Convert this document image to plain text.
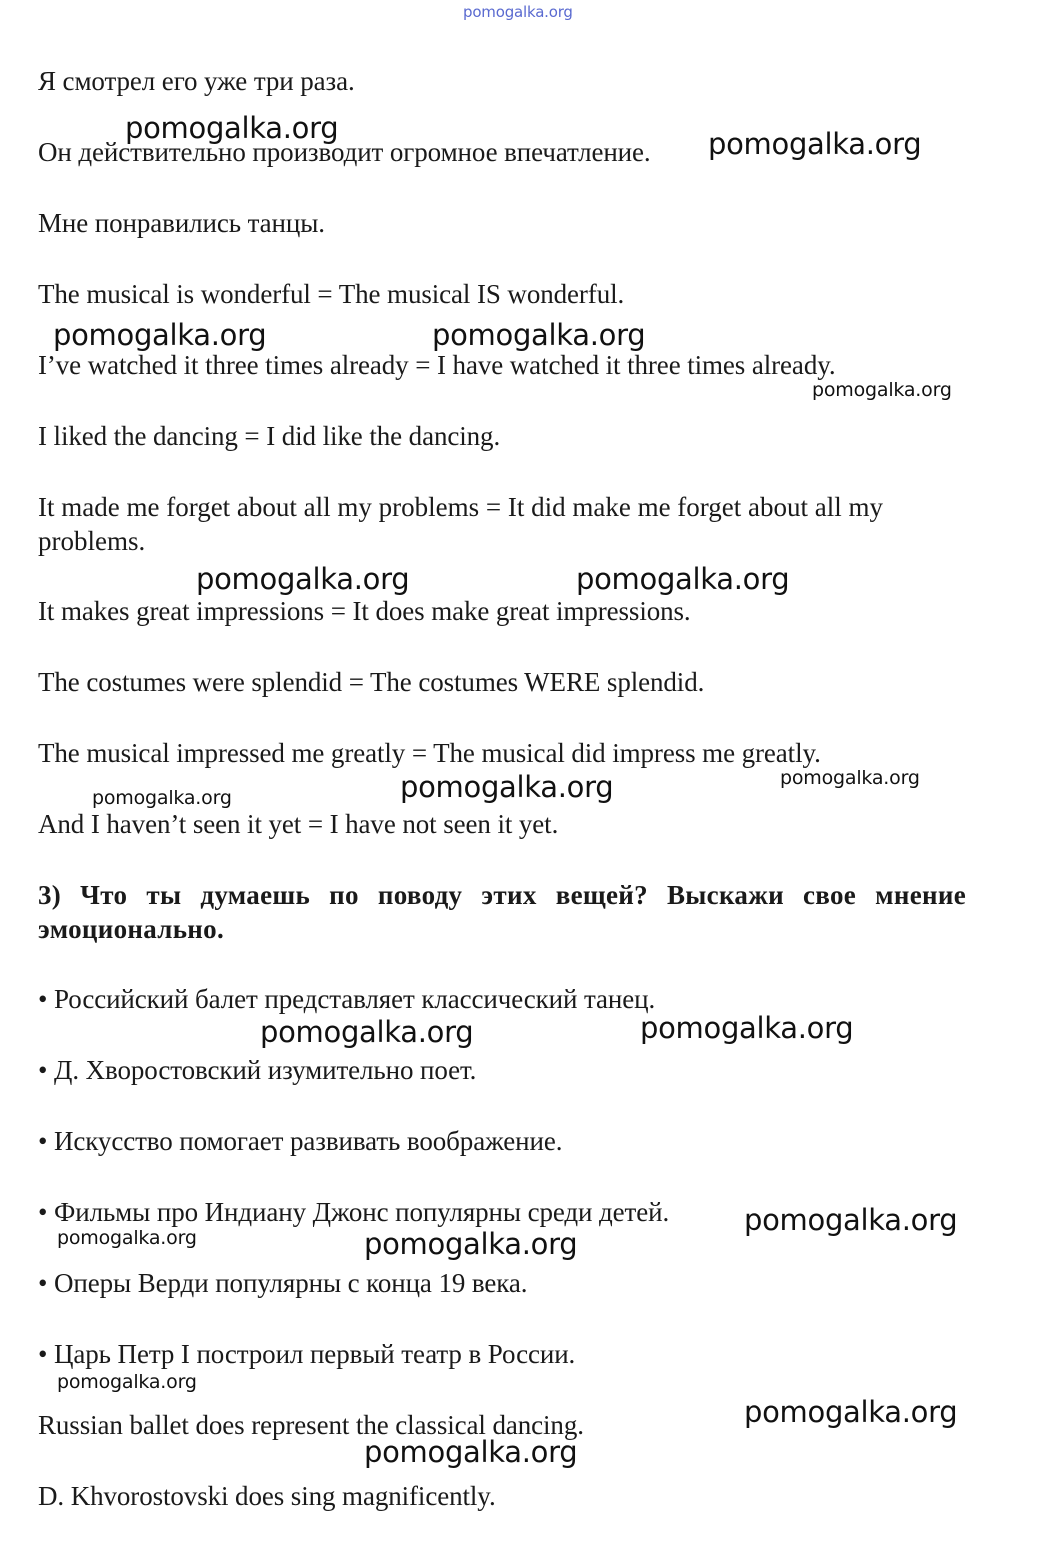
pomogalka.org
Я смотрел его уже три раза.
Он действительно производит огромное впечатление.
Мне понравились танцы.
The musical is wonderful = The musical IS wonderful.
I’ve watched it three times already = I have watched it three times already.
I liked the dancing = I did like the dancing.
It made me forget about all my problems = It did make me forget about all my problems.
It makes great impressions = It does make great impressions.
The costumes were splendid = The costumes WERE splendid.
The musical impressed me greatly = The musical did impress me greatly.
And I haven’t seen it yet = I have not seen it yet.
3) Что ты думаешь по поводу этих вещей? Выскажи свое мнение эмоционально.
• Российский балет представляет классический танец.
• Д. Хворостовский изумительно поет.
• Искусство помогает развивать воображение.
• Фильмы про Индиану Джонс популярны среди детей.
• Оперы Верди популярны с конца 19 века.
• Царь Петр I построил первый театр в России.
Russian ballet does represent the classical dancing.
D. Khvorostovski does sing magnificently.
pomogalka.org	pomogalka.org
pomogalka.org	pomogalka.org
pomogalka.org	pomogalka.org
pomogalka.org
pomogalka.org	pomogalka.org
pomogalka.org
pomogalka.org
pomogalka.org
pomogalka.org
pomogalka.org
pomogalka.org
pomogalka.org
pomogalka.org
pomogalka.org
